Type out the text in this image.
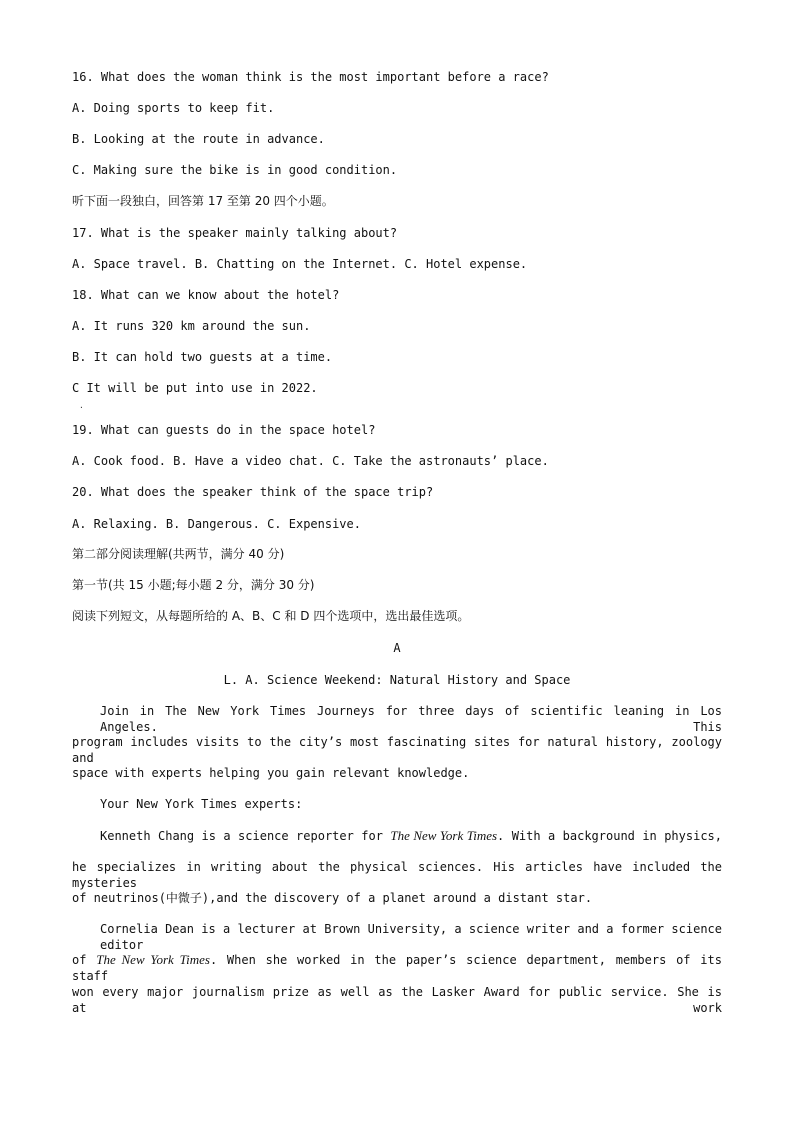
16. What does the woman think is the most important before a race?
A. Doing sports to keep fit.
B. Looking at the route in advance.
C. Making sure the bike is in good condition.
听下面一段独白，回答第 17 至第 20 四个小题。
17. What is the speaker mainly talking about?
A. Space travel. B. Chatting on the Internet. C. Hotel expense.
18. What can we know about the hotel?
A. It runs 320 km around the sun.
B. It can hold two guests at a time.
C It will be put into use in 2022.
·
19. What can guests do in the space hotel?
A. Cook food. B. Have a video chat. C. Take the astronauts’ place.
20. What does the speaker think of the space trip?
A. Relaxing. B. Dangerous. C. Expensive.
第二部分阅读理解(共两节，满分 40 分)
第一节(共 15 小题;每小题 2 分，满分 30 分)
阅读下列短文，从每题所给的 A、B、C 和 D 四个选项中，选出最佳选项。
A
L. A. Science Weekend: Natural History and Space
Join in The New York Times Journeys for three days of scientific leaning in Los Angeles. This
program includes visits to the city’s most fascinating sites for natural history, zoology and
space with experts helping you gain relevant knowledge.
Your New York Times experts:
Kenneth Chang is a science reporter for The New York Times. With a background in physics,
he specializes in writing about the physical sciences. His articles have included the mysteries
of neutrinos(中微子),and the discovery of a planet around a distant star.
Cornelia Dean is a lecturer at Brown University, a science writer and a former science editor
of The New York Times. When she worked in the paper’s science department, members of its staff
won every major journalism prize as well as the Lasker Award for public service. She is at work
